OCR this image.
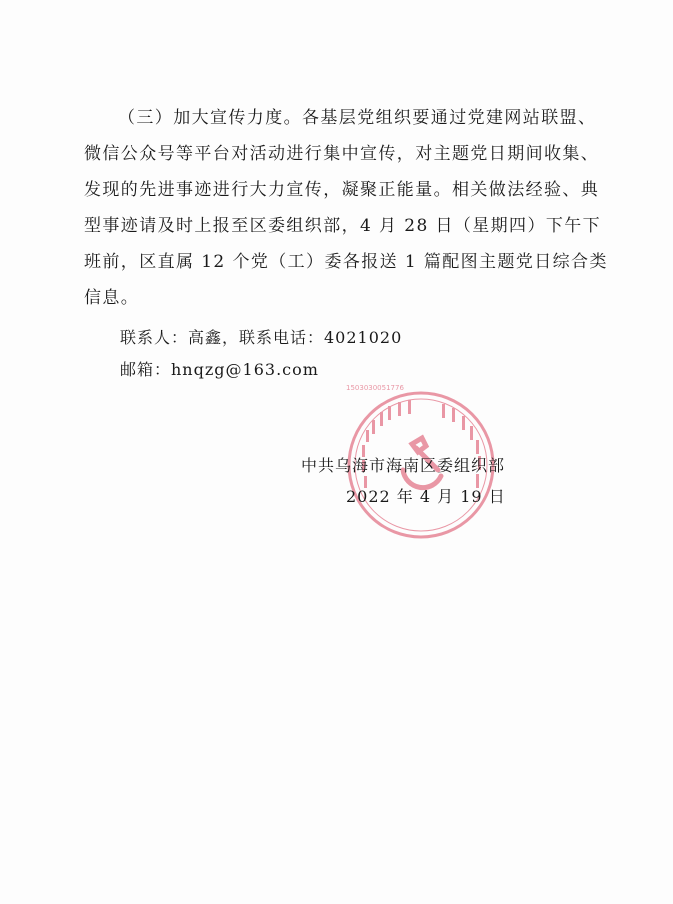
（三）加大宣传力度。各基层党组织要通过党建网站联盟、
微信公众号等平台对活动进行集中宣传，对主题党日期间收集、
发现的先进事迹进行大力宣传，凝聚正能量。相关做法经验、典
型事迹请及时上报至区委组织部，4 月 28 日（星期四）下午下
班前，区直属 12 个党（工）委各报送 1 篇配图主题党日综合类
信息。

联系人：高鑫，联系电话：4021020
邮箱：hnqzg@163.com
1503030051776
中共乌海市海南区委组织部
2022 年 4 月 19 日
